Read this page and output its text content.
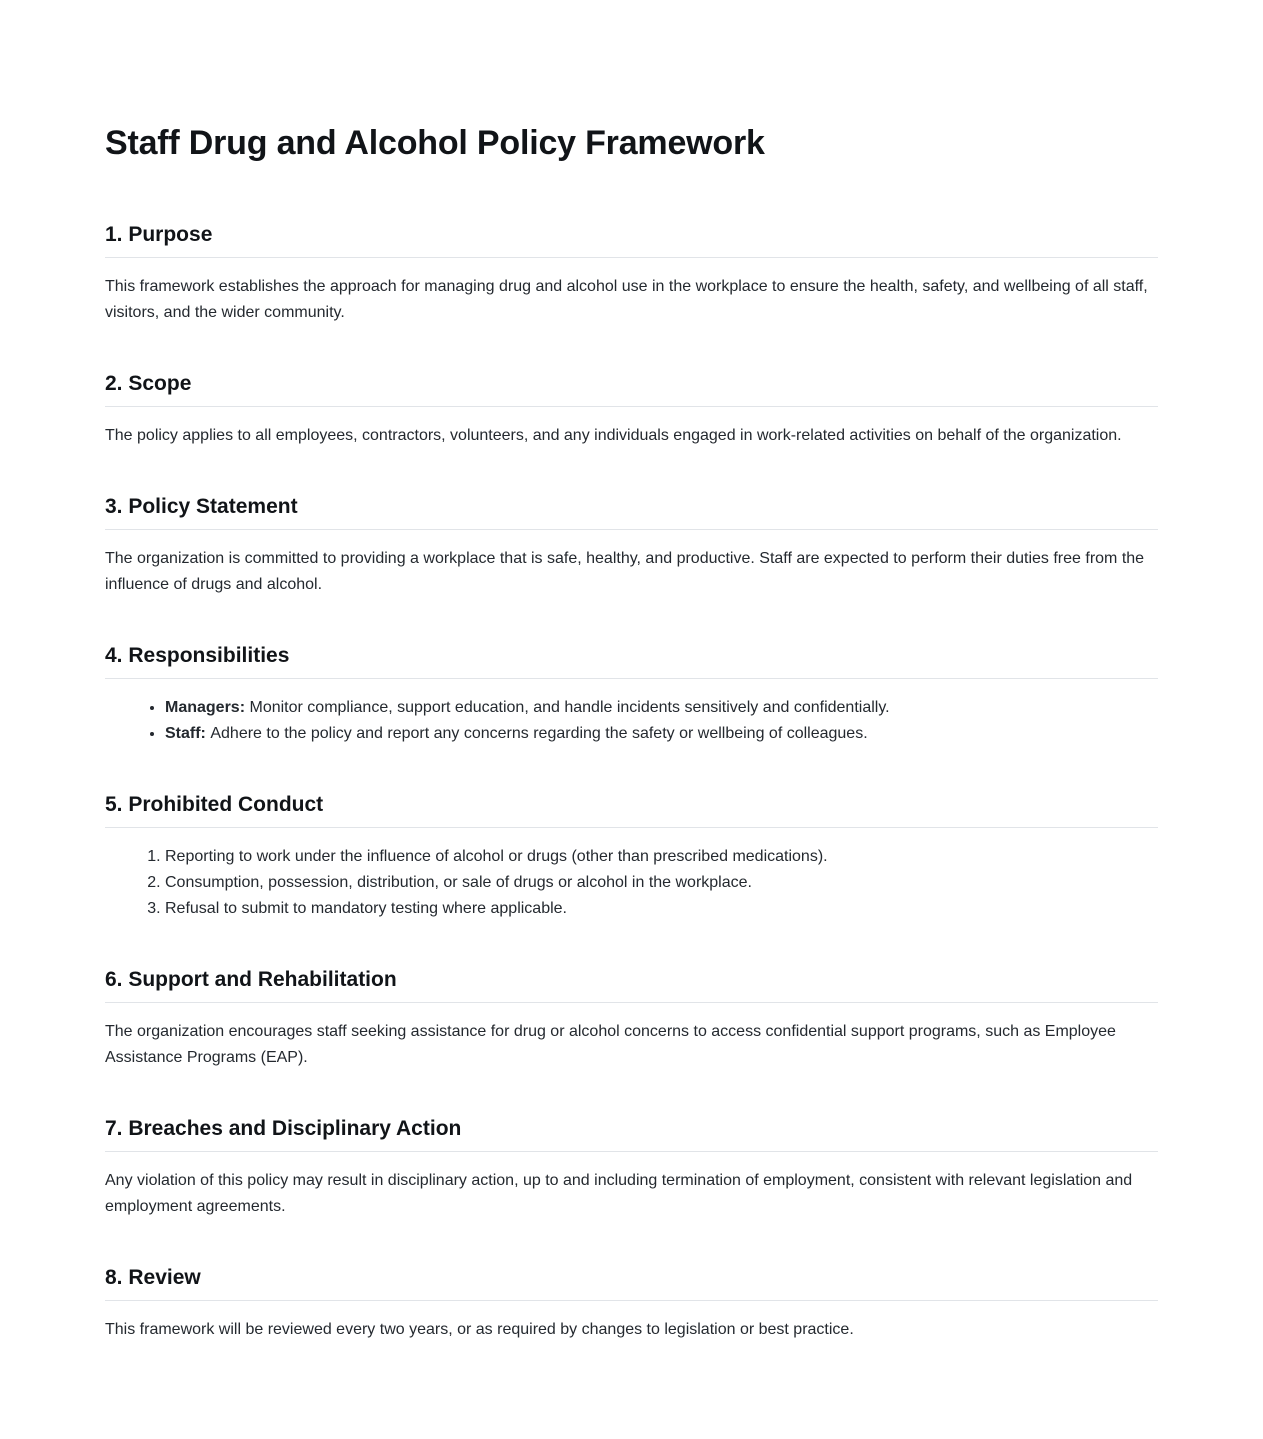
Staff Drug and Alcohol Policy Framework
1. Purpose

This framework establishes the approach for managing drug and alcohol use in the workplace to ensure the health, safety, and wellbeing of all staff, visitors, and the wider community.

2. Scope

The policy applies to all employees, contractors, volunteers, and any individuals engaged in work-related activities on behalf of the organization.

3. Policy Statement

The organization is committed to providing a workplace that is safe, healthy, and productive. Staff are expected to perform their duties free from the influence of drugs and alcohol.

4. Responsibilities
• Managers: Monitor compliance, support education, and handle incidents sensitively and confidentially.
• Staff: Adhere to the policy and report any concerns regarding the safety or wellbeing of colleagues.
5. Prohibited Conduct
1. Reporting to work under the influence of alcohol or drugs (other than prescribed medications).
2. Consumption, possession, distribution, or sale of drugs or alcohol in the workplace.
3. Refusal to submit to mandatory testing where applicable.
6. Support and Rehabilitation

The organization encourages staff seeking assistance for drug or alcohol concerns to access confidential support programs, such as Employee Assistance Programs (EAP).

7. Breaches and Disciplinary Action

Any violation of this policy may result in disciplinary action, up to and including termination of employment, consistent with relevant legislation and employment agreements.

8. Review

This framework will be reviewed every two years, or as required by changes to legislation or best practice.
